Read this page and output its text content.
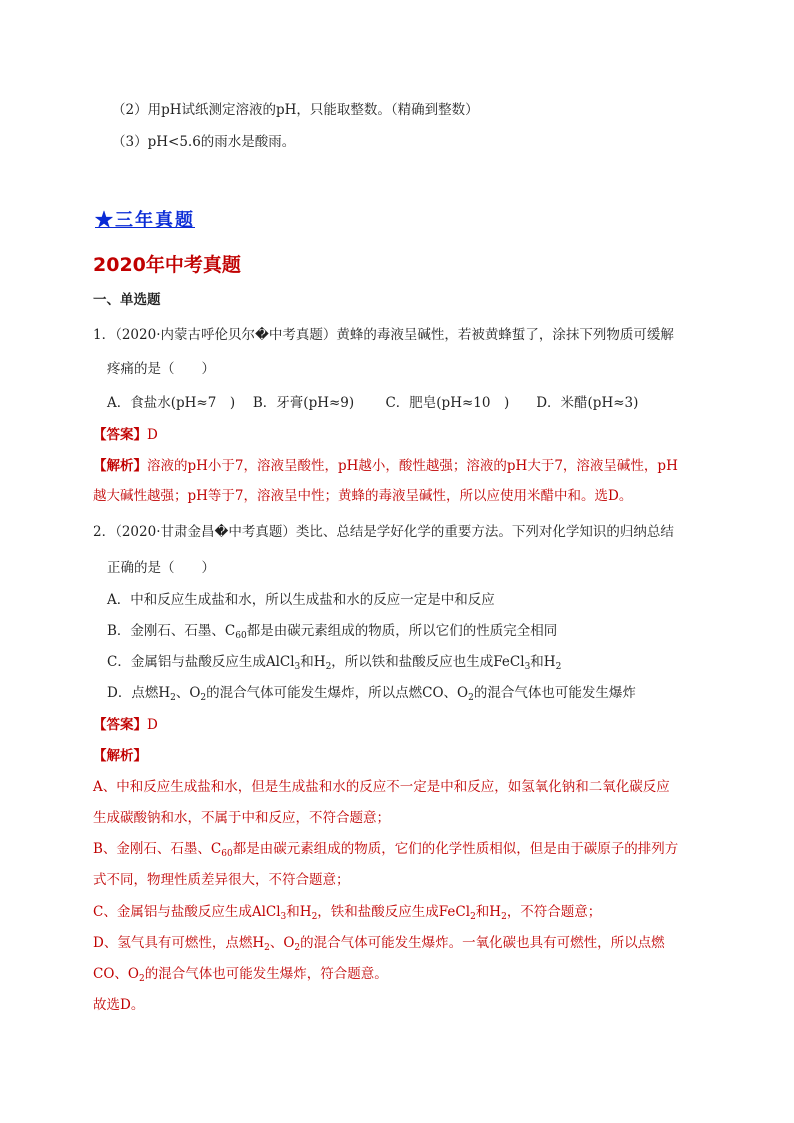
（2）用pH试纸测定溶液的pH，只能取整数。（精确到整数）
（3）pH<5.6的雨水是酸雨。
★三年真题
2020年中考真题
一、单选题
1．（2020·内蒙古呼伦贝尔�中考真题）黄蜂的毒液呈碱性，若被黄蜂蜇了，涂抹下列物质可缓解
疼痛的是（　　）
A．食盐水(pH≈7　)　 B．牙膏(pH≈9)　　 C．肥皂(pH≈10　)　　D．米醋(pH≈3)
【答案】D
【解析】溶液的pH小于7，溶液呈酸性，pH越小，酸性越强；溶液的pH大于7，溶液呈碱性，pH
越大碱性越强；pH等于7，溶液呈中性；黄蜂的毒液呈碱性，所以应使用米醋中和。选D。
2．（2020·甘肃金昌�中考真题）类比、总结是学好化学的重要方法。下列对化学知识的归纳总结
正确的是（　　）
A．中和反应生成盐和水，所以生成盐和水的反应一定是中和反应
B．金刚石、石墨、$C_{60}$都是由碳元素组成的物质，所以它们的性质完全相同
C．金属铝与盐酸反应生成AlCl$_3$和$H_2$，所以铁和盐酸反应也生成FeCl$_3$和$H_2$
D．点燃$H_2$、$O_2$的混合气体可能发生爆炸，所以点燃CO、$O_2$的混合气体也可能发生爆炸
【答案】D
【解析】
A、中和反应生成盐和水，但是生成盐和水的反应不一定是中和反应，如氢氧化钠和二氧化碳反应
生成碳酸钠和水，不属于中和反应，不符合题意；
B、金刚石、石墨、$C_{60}$都是由碳元素组成的物质，它们的化学性质相似，但是由于碳原子的排列方
式不同，物理性质差异很大，不符合题意；
C、金属铝与盐酸反应生成AlCl$_3$和$H_2$，铁和盐酸反应生成FeCl$_2$和$H_2$，不符合题意；
D、氢气具有可燃性，点燃$H_2$、$O_2$的混合气体可能发生爆炸。一氧化碳也具有可燃性，所以点燃
CO、$O_2$的混合气体也可能发生爆炸，符合题意。
故选D。
